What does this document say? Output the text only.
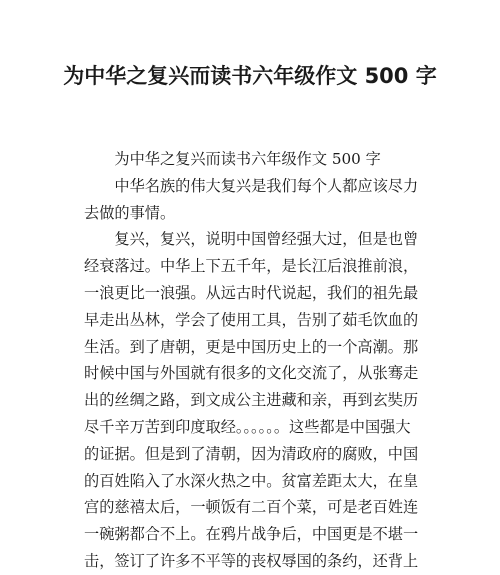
为中华之复兴而读书六年级作文 500 字

为中华之复兴而读书六年级作文 500 字

中华名族的伟大复兴是我们每个人都应该尽力去做的事情。

复兴，复兴，说明中国曾经强大过，但是也曾经衰落过。中华上下五千年，是长江后浪推前浪，一浪更比一浪强。从远古时代说起，我们的祖先最早走出丛林，学会了使用工具，告别了茹毛饮血的生活。到了唐朝，更是中国历史上的一个高潮。那时候中国与外国就有很多的文化交流了，从张骞走出的丝绸之路，到文成公主进藏和亲，再到玄奘历尽千辛万苦到印度取经。。。。。。这些都是中国强大的证据。但是到了清朝，因为清政府的腐败，中国的百姓陷入了水深火热之中。贫富差距太大，在皇宫的慈禧太后，一顿饭有二百个菜，可是老百姓连一碗粥都合不上。在鸦片战争后，中国更是不堪一击，签订了许多不平等的丧权辱国的条约，还背上
